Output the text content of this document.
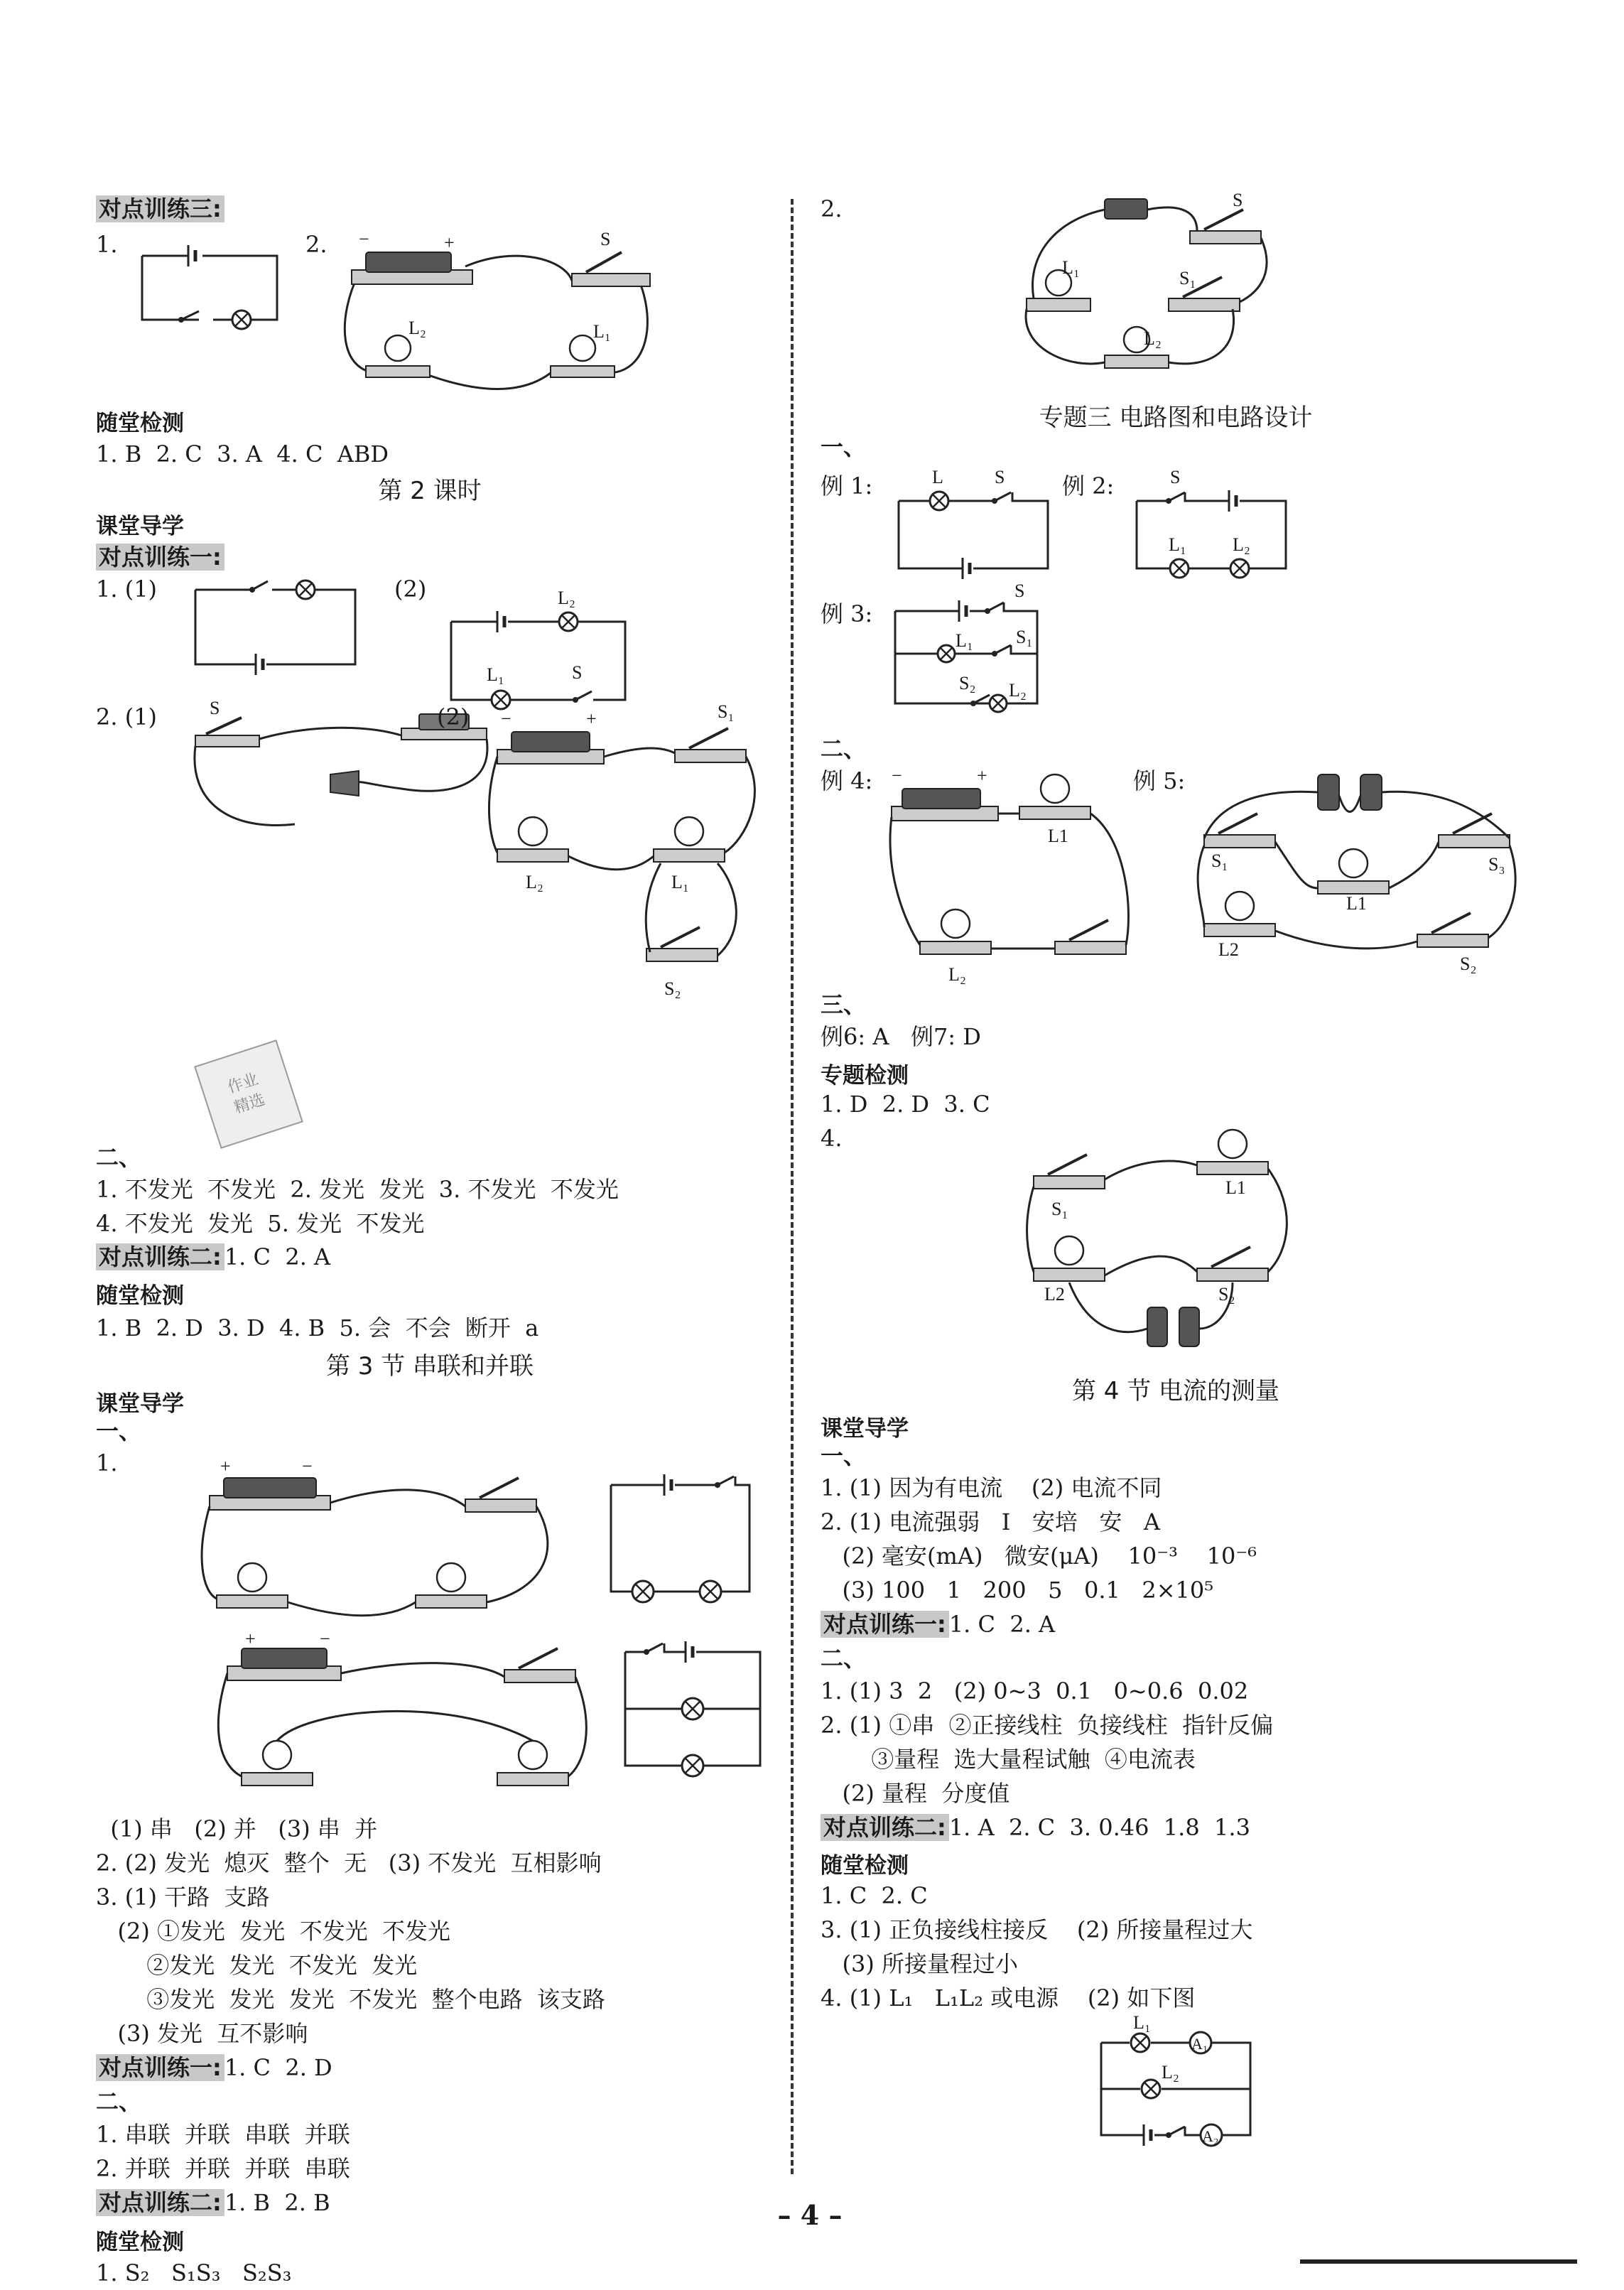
对点训练三:
1.	2. −	+	S
L₂	L₁
随堂检测
1. B  2. C  3. A  4. C  ABD
第 2 课时
课堂导学
对点训练一:
1. (1)	(2)	L₂
L₁	S
2. (1)	S	(2) −	+	S₁
L₂	L₁
S₂
作业
精选
二、
1. 不发光  不发光  2. 发光  发光  3. 不发光  不发光
4. 不发光  发光  5. 发光  不发光
对点训练二: 1. C  2. A
随堂检测
1. B  2. D  3. D  4. B  5. 会  不会  断开  a
第 3 节 串联和并联
课堂导学
一、
1.	+	−
+	−
(1) 串   (2) 并   (3) 串  并
2. (2) 发光  熄灭  整个  无   (3) 不发光  互相影响
3. (1) 干路  支路
(2) ①发光  发光  不发光  不发光
②发光  发光  不发光  发光
③发光  发光  发光  不发光  整个电路  该支路
(3) 发光  互不影响
对点训练一: 1. C  2. D
二、
1. 串联  并联  串联  并联
2. 并联  并联  并联  串联
对点训练二: 1. B  2. B
随堂检测
1. S₂   S₁S₃   S₂S₃
2.	S
S₁
L₁
L₂
专题三 电路图和电路设计
一、
例 1:	L	S	例 2:	S
L₁	L₂
例 3:
S
L₁ S₁
S₂ L₂
二、
例 4: −	+
L1
L₂
例 5:
S₁	S₃
L1
L2
S₂
三、
例6: A   例7: D
专题检测
1. D  2. D  3. C
4.
S₁
L1
L2	S₂
第 4 节 电流的测量
课堂导学
一、
1. (1) 因为有电流    (2) 电流不同
2. (1) 电流强弱   I   安培   安   A
(2) 毫安(mA)   微安(μA)    10⁻³    10⁻⁶
(3) 100   1   200   5   0.1   2×10⁵
对点训练一: 1. C  2. A
二、
1. (1) 3  2   (2) 0~3  0.1   0~0.6  0.02
2. (1) ①串  ②正接线柱  负接线柱  指针反偏
③量程  选大量程试触  ④电流表
(2) 量程  分度值
对点训练二: 1. A  2. C  3. 0.46  1.8  1.3
随堂检测
1. C  2. C
3. (1) 正负接线柱接反    (2) 所接量程过大
(3) 所接量程过小
4. (1) L₁   L₁L₂ 或电源    (2) 如下图
L₁
A₁
L₂
A₂
– 4 –
